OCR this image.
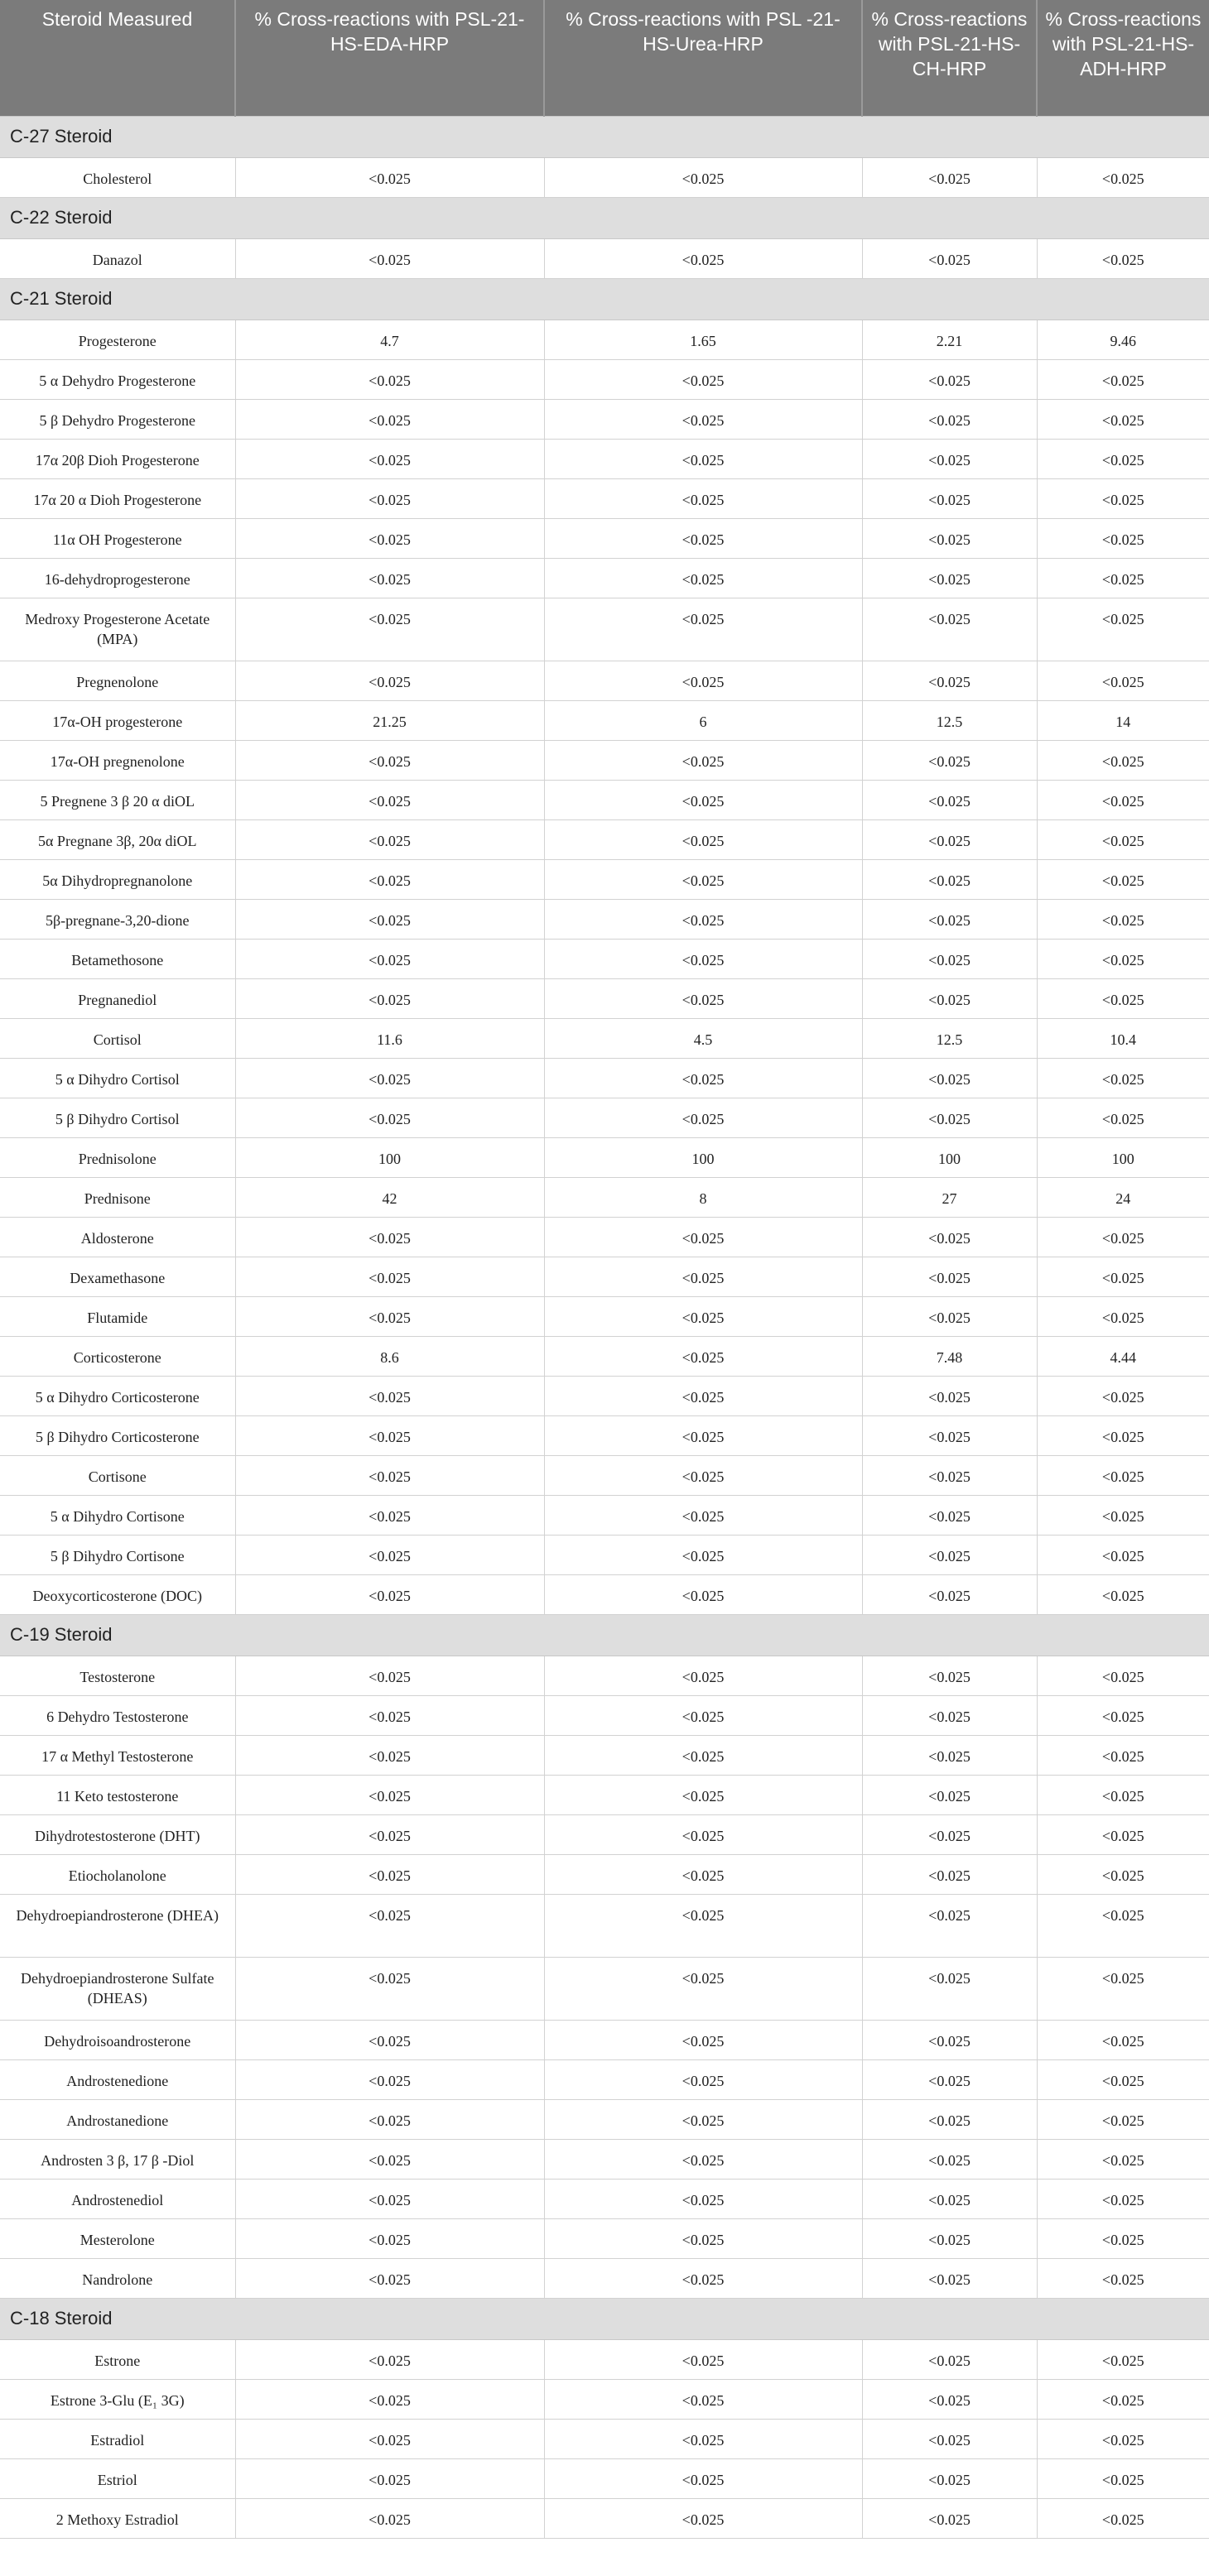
Steroid Measured	% Cross-reactions with PSL-21-HS-EDA-HRP	% Cross-reactions with PSL -21-HS-Urea-HRP	% Cross-reactions with PSL-21-HS-CH-HRP	% Cross-reactions with PSL-21-HS-ADH-HRP
C-27 Steroid				
Cholesterol	<0.025	<0.025	<0.025	<0.025
C-22 Steroid				
Danazol	<0.025	<0.025	<0.025	<0.025
C-21 Steroid				
Progesterone	4.7	1.65	2.21	9.46
5 α Dehydro Progesterone	<0.025	<0.025	<0.025	<0.025
5 β Dehydro Progesterone	<0.025	<0.025	<0.025	<0.025
17α 20β Dioh Progesterone	<0.025	<0.025	<0.025	<0.025
17α 20 α Dioh Progesterone	<0.025	<0.025	<0.025	<0.025
11α OH Progesterone	<0.025	<0.025	<0.025	<0.025
16-dehydroprogesterone	<0.025	<0.025	<0.025	<0.025
Medroxy Progesterone Acetate (MPA)	<0.025	<0.025	<0.025	<0.025
Pregnenolone	<0.025	<0.025	<0.025	<0.025
17α-OH progesterone	21.25	6	12.5	14
17α-OH pregnenolone	<0.025	<0.025	<0.025	<0.025
5 Pregnene 3 β 20 α diOL	<0.025	<0.025	<0.025	<0.025
5α Pregnane 3β, 20α diOL	<0.025	<0.025	<0.025	<0.025
5α Dihydropregnanolone	<0.025	<0.025	<0.025	<0.025
5β-pregnane-3,20-dione	<0.025	<0.025	<0.025	<0.025
Betamethosone	<0.025	<0.025	<0.025	<0.025
Pregnanediol	<0.025	<0.025	<0.025	<0.025
Cortisol	11.6	4.5	12.5	10.4
5 α Dihydro Cortisol	<0.025	<0.025	<0.025	<0.025
5 β Dihydro Cortisol	<0.025	<0.025	<0.025	<0.025
Prednisolone	100	100	100	100
Prednisone	42	8	27	24
Aldosterone	<0.025	<0.025	<0.025	<0.025
Dexamethasone	<0.025	<0.025	<0.025	<0.025
Flutamide	<0.025	<0.025	<0.025	<0.025
Corticosterone	8.6	<0.025	7.48	4.44
5 α Dihydro Corticosterone	<0.025	<0.025	<0.025	<0.025
5 β Dihydro Corticosterone	<0.025	<0.025	<0.025	<0.025
Cortisone	<0.025	<0.025	<0.025	<0.025
5 α Dihydro Cortisone	<0.025	<0.025	<0.025	<0.025
5 β Dihydro Cortisone	<0.025	<0.025	<0.025	<0.025
Deoxycorticosterone (DOC)	<0.025	<0.025	<0.025	<0.025
C-19 Steroid				
Testosterone	<0.025	<0.025	<0.025	<0.025
6 Dehydro Testosterone	<0.025	<0.025	<0.025	<0.025
17 α Methyl Testosterone	<0.025	<0.025	<0.025	<0.025
11 Keto testosterone	<0.025	<0.025	<0.025	<0.025
Dihydrotestosterone (DHT)	<0.025	<0.025	<0.025	<0.025
Etiocholanolone	<0.025	<0.025	<0.025	<0.025
Dehydroepiandrosterone (DHEA)	<0.025	<0.025	<0.025	<0.025
Dehydroepiandrosterone Sulfate (DHEAS)	<0.025	<0.025	<0.025	<0.025
Dehydroisoandrosterone	<0.025	<0.025	<0.025	<0.025
Androstenedione	<0.025	<0.025	<0.025	<0.025
Androstanedione	<0.025	<0.025	<0.025	<0.025
Androsten 3 β, 17 β -Diol	<0.025	<0.025	<0.025	<0.025
Androstenediol	<0.025	<0.025	<0.025	<0.025
Mesterolone	<0.025	<0.025	<0.025	<0.025
Nandrolone	<0.025	<0.025	<0.025	<0.025
C-18 Steroid				
Estrone	<0.025	<0.025	<0.025	<0.025
Estrone 3-Glu (E₁ 3G)	<0.025	<0.025	<0.025	<0.025
Estradiol	<0.025	<0.025	<0.025	<0.025
Estriol	<0.025	<0.025	<0.025	<0.025
2 Methoxy Estradiol	<0.025	<0.025	<0.025	<0.025
